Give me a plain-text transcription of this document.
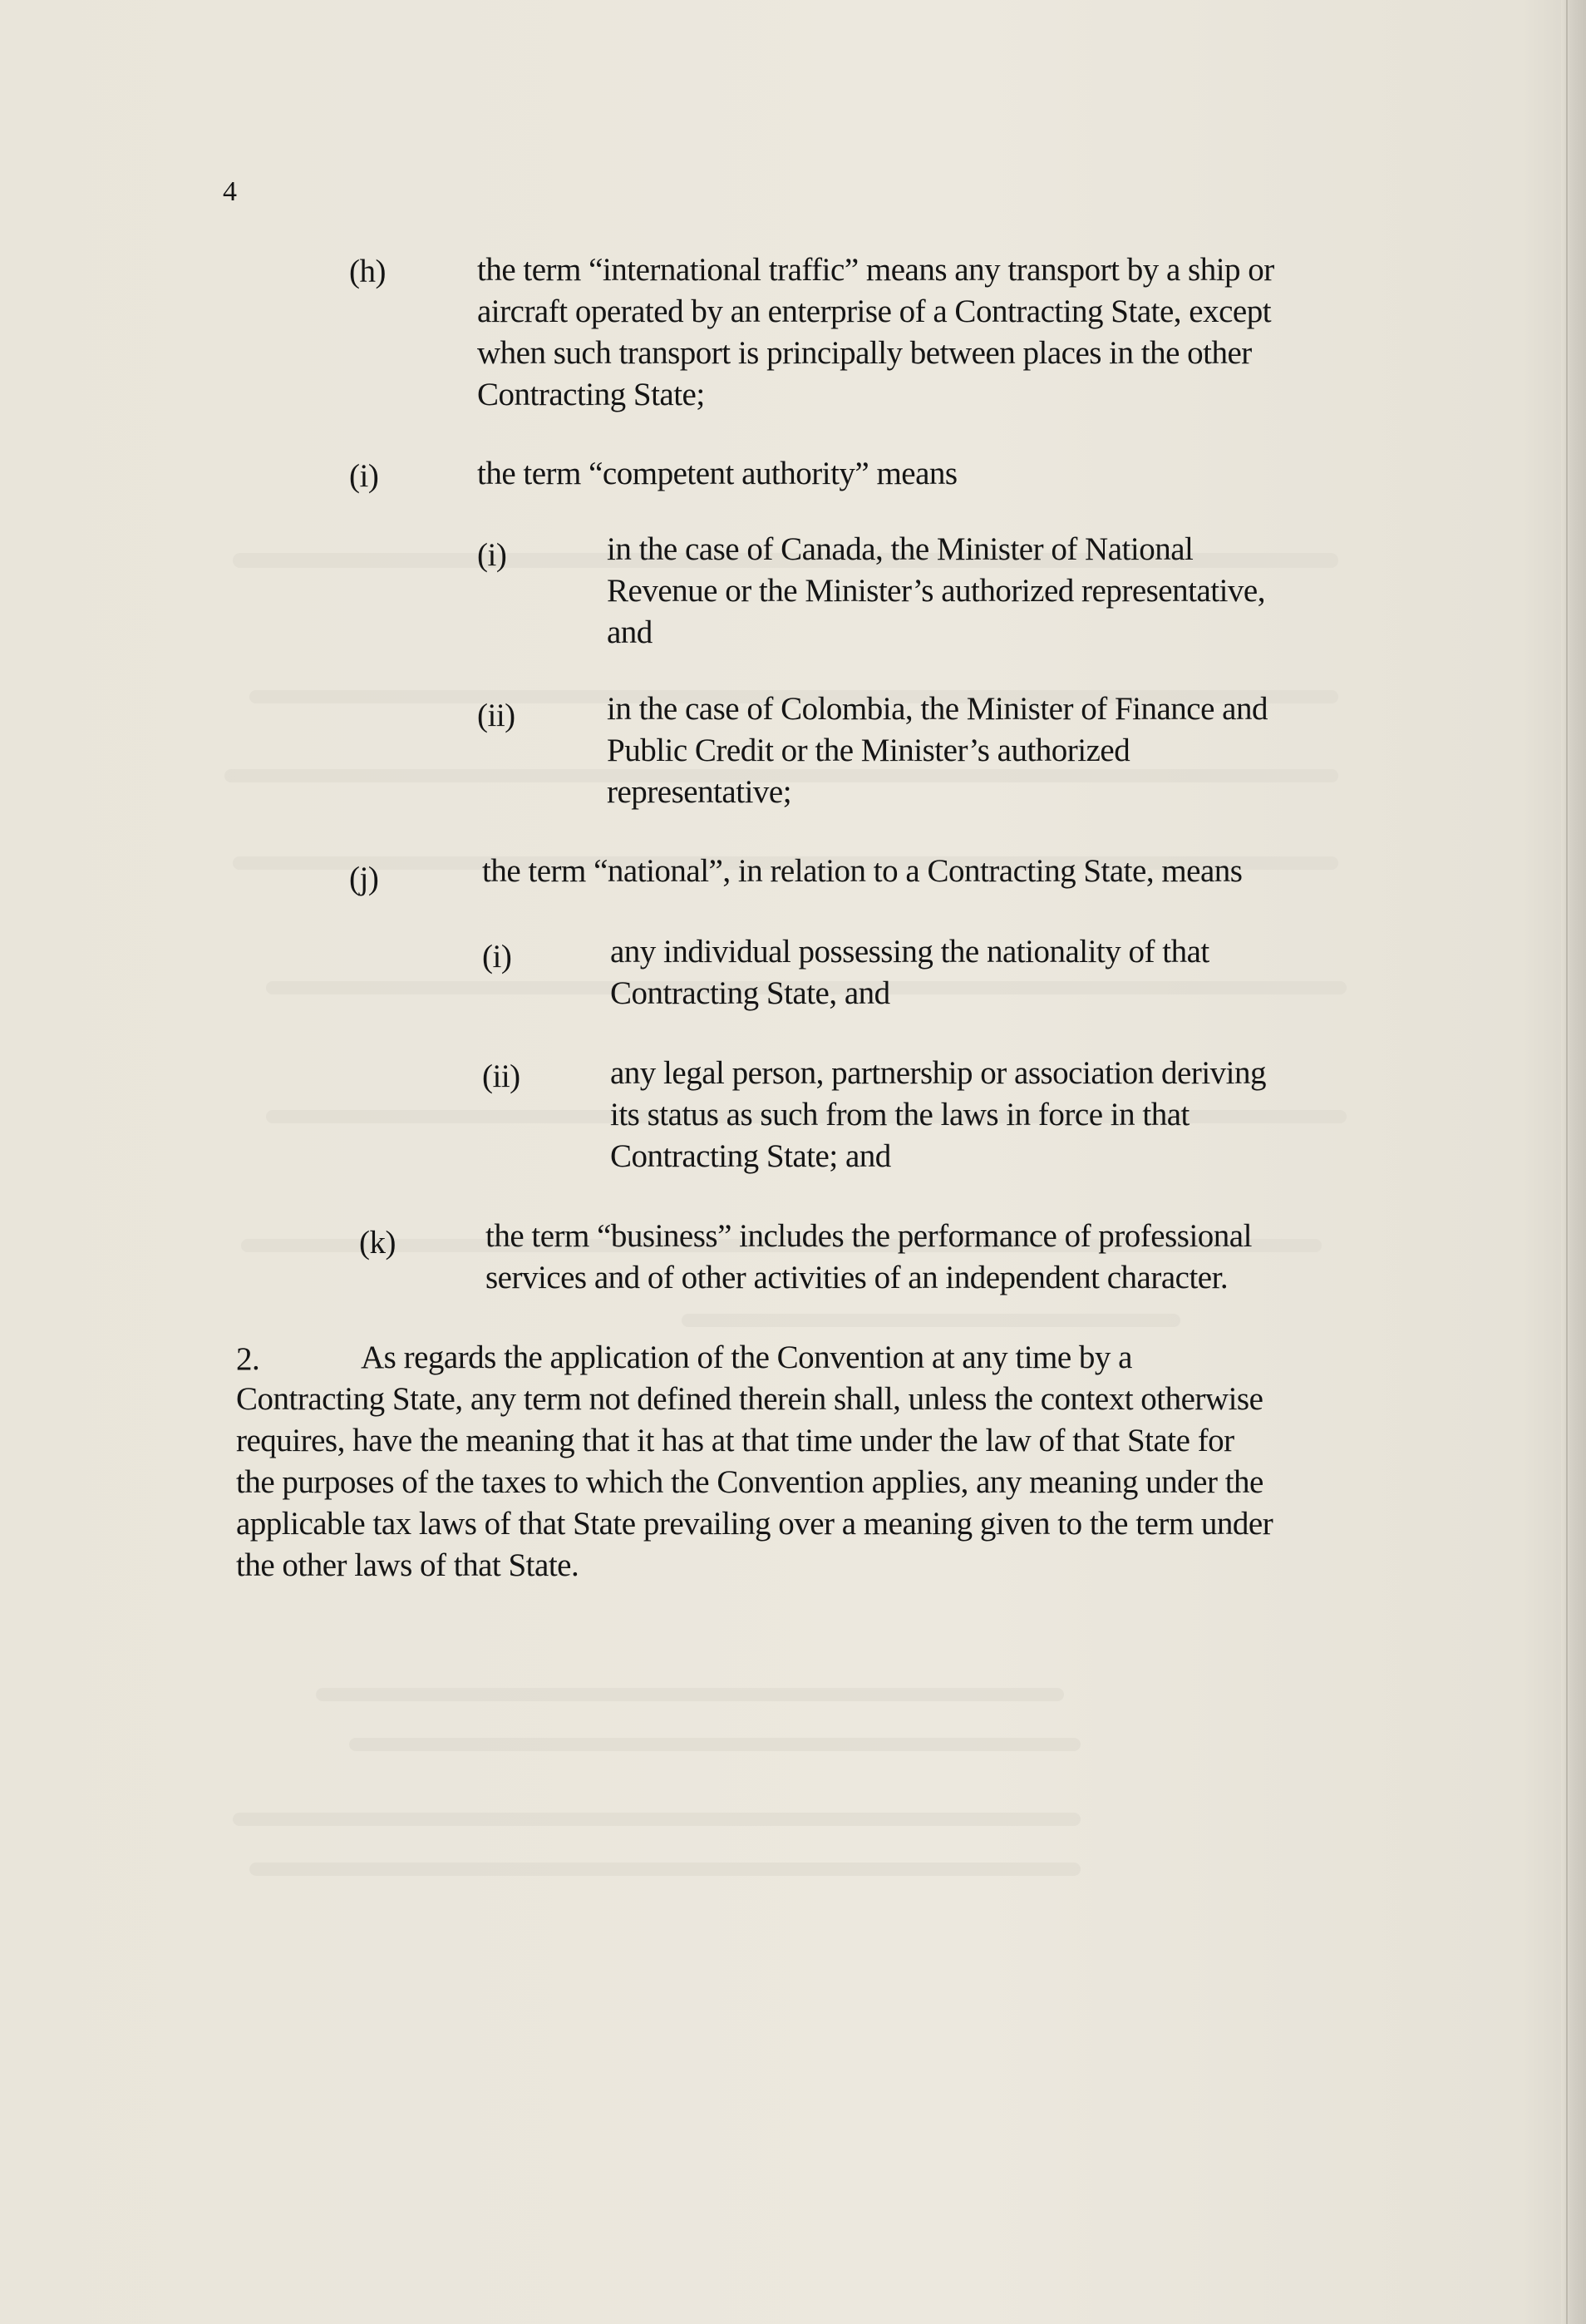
4
(h)	the term “international traffic” means any transport by a ship or
aircraft operated by an enterprise of a Contracting State, except
when such transport is principally between places in the other
Contracting State;
(i)	the term “competent authority” means
(i)	in the case of Canada, the Minister of National
Revenue or the Minister’s authorized representative,
and
(ii)	in the case of Colombia, the Minister of Finance and
Public Credit or the Minister’s authorized
representative;
(j)	the term “national”, in relation to a Contracting State, means
(i)	any individual possessing the nationality of that
Contracting State, and
(ii)	any legal person, partnership or association deriving
its status as such from the laws in force in that
Contracting State; and
(k)	the term “business” includes the performance of professional
services and of other activities of an independent character.
2.	As regards the application of the Convention at any time by a
Contracting State, any term not defined therein shall, unless the context otherwise
requires, have the meaning that it has at that time under the law of that State for
the purposes of the taxes to which the Convention applies, any meaning under the
applicable tax laws of that State prevailing over a meaning given to the term under
the other laws of that State.
